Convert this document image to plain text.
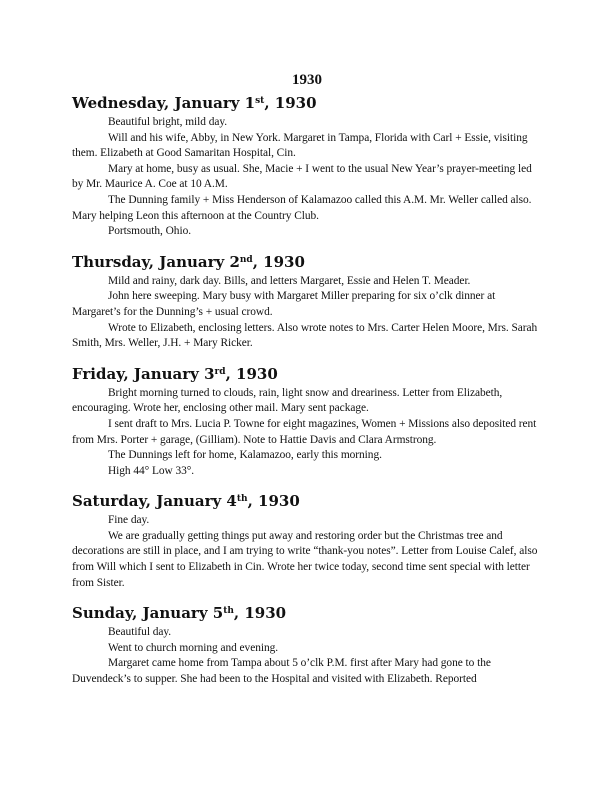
1930
Wednesday, January 1st, 1930

Beautiful bright, mild day.

Will and his wife, Abby, in New York. Margaret in Tampa, Florida with Carl + Essie, visiting them. Elizabeth at Good Samaritan Hospital, Cin.

Mary at home, busy as usual. She, Macie + I went to the usual New Year’s prayer-meeting led by Mr. Maurice A. Coe at 10 A.M.

The Dunning family + Miss Henderson of Kalamazoo called this A.M. Mr. Weller called also. Mary helping Leon this afternoon at the Country Club.

Portsmouth, Ohio.

Thursday, January 2nd, 1930

Mild and rainy, dark day. Bills, and letters Margaret, Essie and Helen T. Meader.

John here sweeping. Mary busy with Margaret Miller preparing for six o’clk dinner at Margaret’s for the Dunning’s + usual crowd.

Wrote to Elizabeth, enclosing letters. Also wrote notes to Mrs. Carter Helen Moore, Mrs. Sarah Smith, Mrs. Weller, J.H. + Mary Ricker.

Friday, January 3rd, 1930

Bright morning turned to clouds, rain, light snow and dreariness. Letter from Elizabeth, encouraging. Wrote her, enclosing other mail. Mary sent package.

I sent draft to Mrs. Lucia P. Towne for eight magazines, Women + Missions also deposited rent from Mrs. Porter + garage, (Gilliam). Note to Hattie Davis and Clara Armstrong.

The Dunnings left for home, Kalamazoo, early this morning.

High 44° Low 33°.

Saturday, January 4th, 1930

Fine day.

We are gradually getting things put away and restoring order but the Christmas tree and decorations are still in place, and I am trying to write “thank-you notes”. Letter from Louise Calef, also from Will which I sent to Elizabeth in Cin. Wrote her twice today, second time sent special with letter from Sister.

Sunday, January 5th, 1930

Beautiful day.

Went to church morning and evening.

Margaret came home from Tampa about 5 o’clk P.M. first after Mary had gone to the Duvendeck’s to supper. She had been to the Hospital and visited with Elizabeth. Reported
